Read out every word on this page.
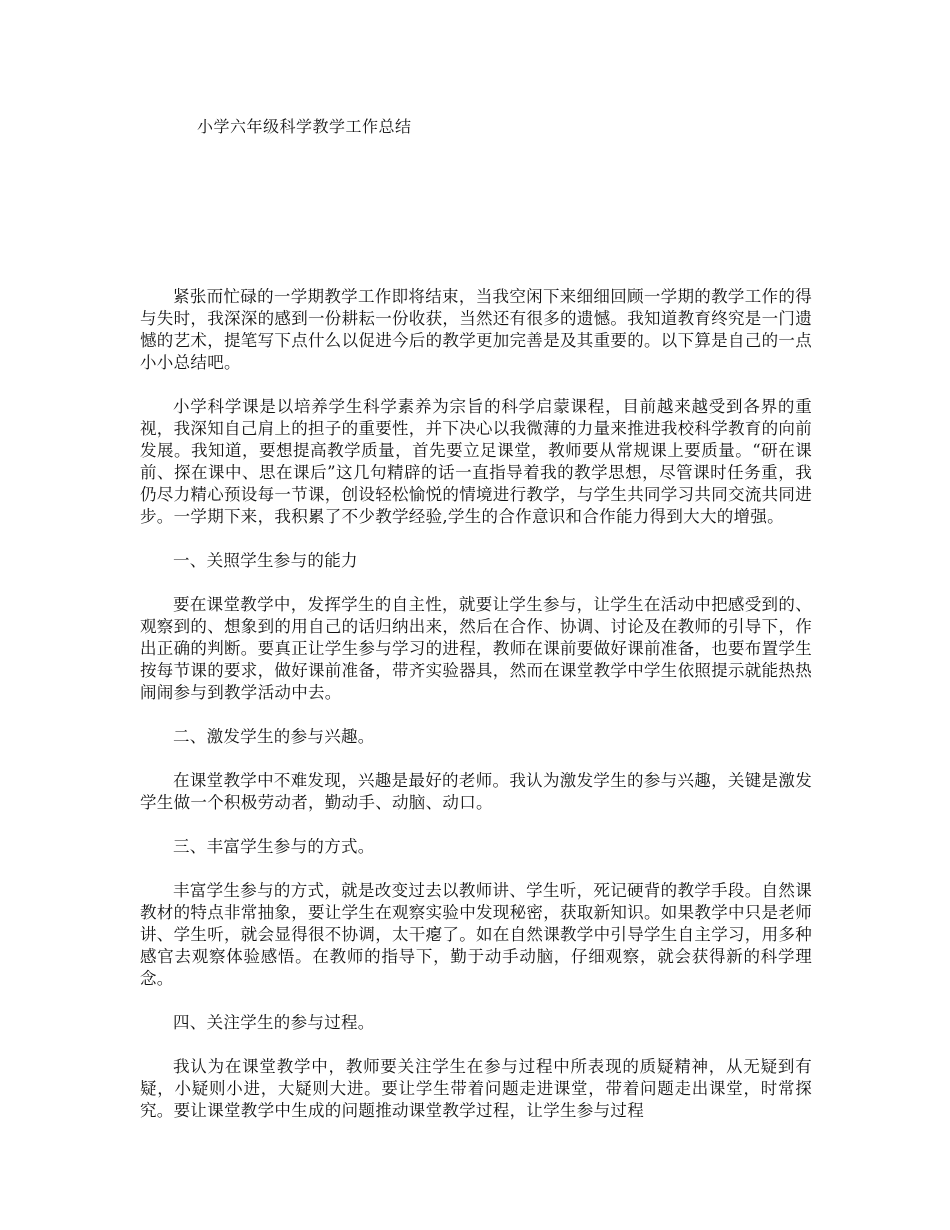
小学六年级科学教学工作总结

紧张而忙碌的一学期教学工作即将结束，当我空闲下来细细回顾一学期的教学工作的得与失时，我深深的感到一份耕耘一份收获，当然还有很多的遗憾。我知道教育终究是一门遗憾的艺术，提笔写下点什么以促进今后的教学更加完善是及其重要的。以下算是自己的一点小小总结吧。

小学科学课是以培养学生科学素养为宗旨的科学启蒙课程，目前越来越受到各界的重视，我深知自己肩上的担子的重要性，并下决心以我微薄的力量来推进我校科学教育的向前发展。我知道，要想提高教学质量，首先要立足课堂，教师要从常规课上要质量。“研在课前、探在课中、思在课后”这几句精辟的话一直指导着我的教学思想，尽管课时任务重，我仍尽力精心预设每一节课，创设轻松愉悦的情境进行教学，与学生共同学习共同交流共同进步。一学期下来，我积累了不少教学经验,学生的合作意识和合作能力得到大大的增强。

一、关照学生参与的能力

要在课堂教学中，发挥学生的自主性，就要让学生参与，让学生在活动中把感受到的、观察到的、想象到的用自己的话归纳出来，然后在合作、协调、讨论及在教师的引导下，作出正确的判断。要真正让学生参与学习的进程，教师在课前要做好课前准备，也要布置学生按每节课的要求，做好课前准备，带齐实验器具，然而在课堂教学中学生依照提示就能热热闹闹参与到教学活动中去。

二、激发学生的参与兴趣。

在课堂教学中不难发现，兴趣是最好的老师。我认为激发学生的参与兴趣，关键是激发学生做一个积极劳动者，勤动手、动脑、动口。

三、丰富学生参与的方式。

丰富学生参与的方式，就是改变过去以教师讲、学生听，死记硬背的教学手段。自然课教材的特点非常抽象，要让学生在观察实验中发现秘密，获取新知识。如果教学中只是老师讲、学生听，就会显得很不协调，太干瘪了。如在自然课教学中引导学生自主学习，用多种感官去观察体验感悟。在教师的指导下，勤于动手动脑，仔细观察，就会获得新的科学理念。

四、关注学生的参与过程。

我认为在课堂教学中，教师要关注学生在参与过程中所表现的质疑精神，从无疑到有疑，小疑则小进，大疑则大进。要让学生带着问题走进课堂，带着问题走出课堂，时常探究。要让课堂教学中生成的问题推动课堂教学过程，让学生参与过程
